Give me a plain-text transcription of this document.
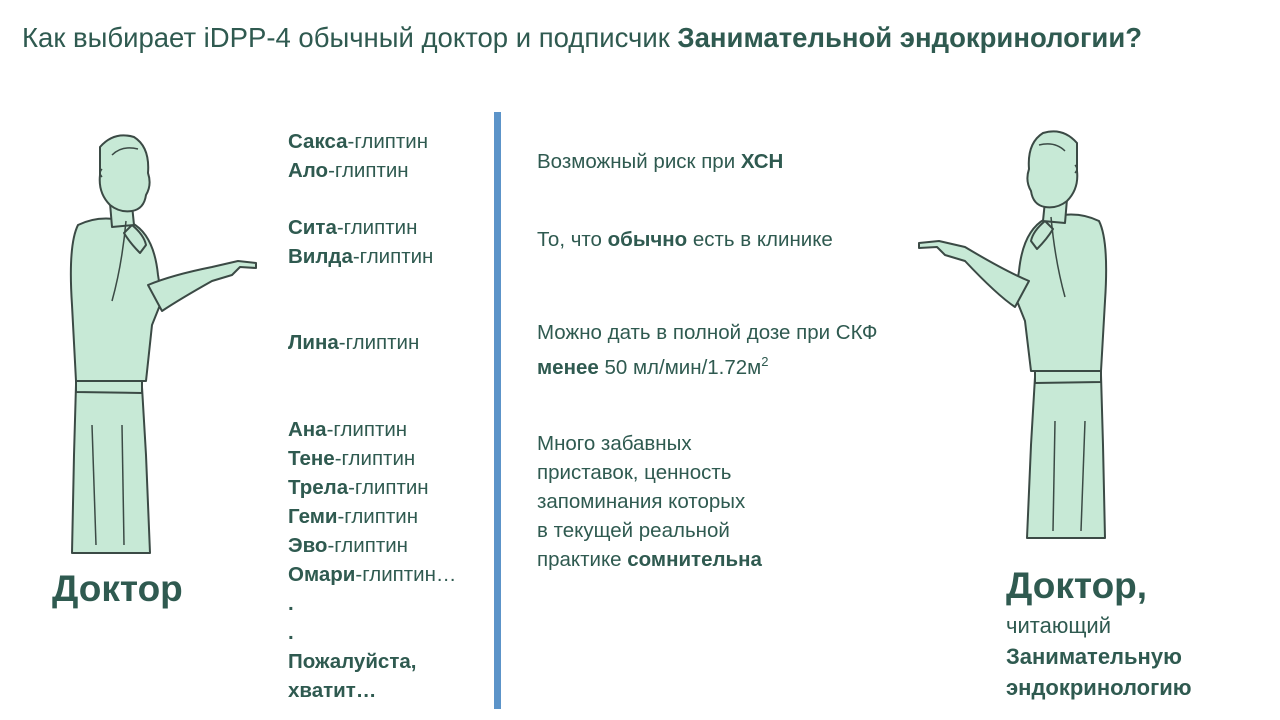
Как выбирает iDPP-4 обычный доктор и подписчик Занимательной эндокринологии?
Доктор	Доктор,
читающий
Занимательную
эндокринологию
Сакса-глиптин
Ало-глиптин
Сита-глиптин
Вилда-глиптин
Лина-глиптин
Ана-глиптин
Тене-глиптин
Трела-глиптин
Геми-глиптин
Эво-глиптин
Омари-глиптин…
.
.
Пожалуйста,
хватит…
Возможный риск при ХСН
То, что обычно есть в клинике
Можно дать в полной дозе при СКФ
менее 50 $мл/мин/1.72м^2$
Много забавных
приставок, ценность
запоминания которых
в текущей реальной
практике сомнительна
